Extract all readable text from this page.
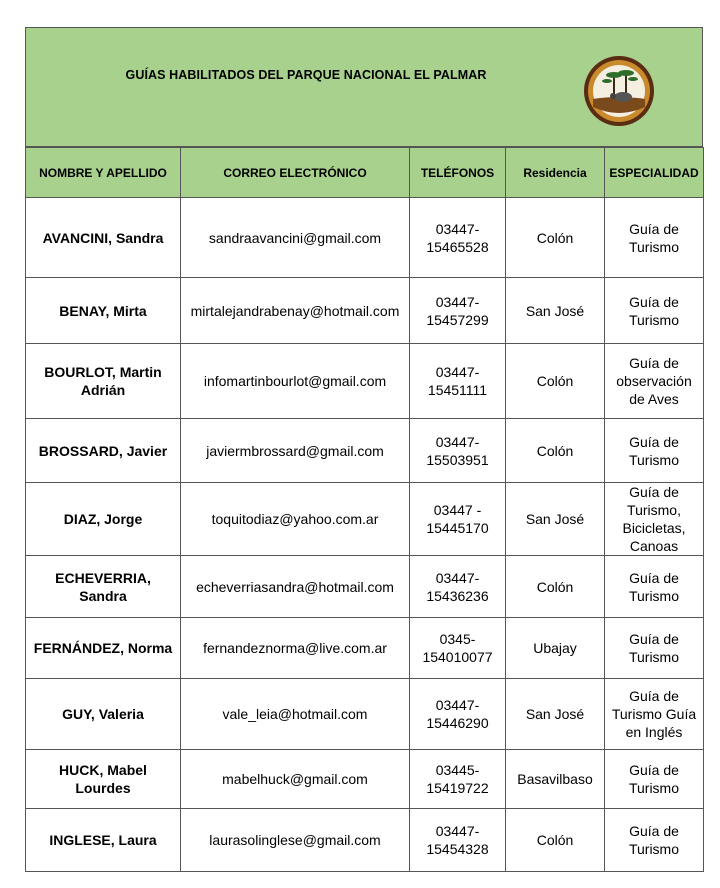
GUÍAS HABILITADOS DEL PARQUE NACIONAL EL PALMAR
NOMBRE Y APELLIDO	CORREO ELECTRÓNICO	TELÉFONOS	Residencia	ESPECIALIDAD
AVANCINI, Sandra	sandraavancini@gmail.com	03447-15465528	Colón	Guía de Turismo
BENAY, Mirta	mirtalejandrabenay@hotmail.com	03447-15457299	San José	Guía de Turismo
BOURLOT, Martin Adrián	infomartinbourlot@gmail.com	03447-15451111	Colón	Guía de observación de Aves
BROSSARD, Javier	javiermbrossard@gmail.com	03447-15503951	Colón	Guía de Turismo
DIAZ, Jorge	toquitodiaz@yahoo.com.ar	03447 - 15445170	San José	Guía de Turismo, Bicicletas, Canoas
ECHEVERRIA, Sandra	echeverriasandra@hotmail.com	03447-15436236	Colón	Guía de Turismo
FERNÁNDEZ, Norma	fernandeznorma@live.com.ar	0345-154010077	Ubajay	Guía de Turismo
GUY, Valeria	vale_leia@hotmail.com	03447-15446290	San José	Guía de Turismo Guía en Inglés
HUCK, Mabel Lourdes	mabelhuck@gmail.com	03445-15419722	Basavilbaso	Guía de Turismo
INGLESE, Laura	laurasolinglese@gmail.com	03447-15454328	Colón	Guía de Turismo
